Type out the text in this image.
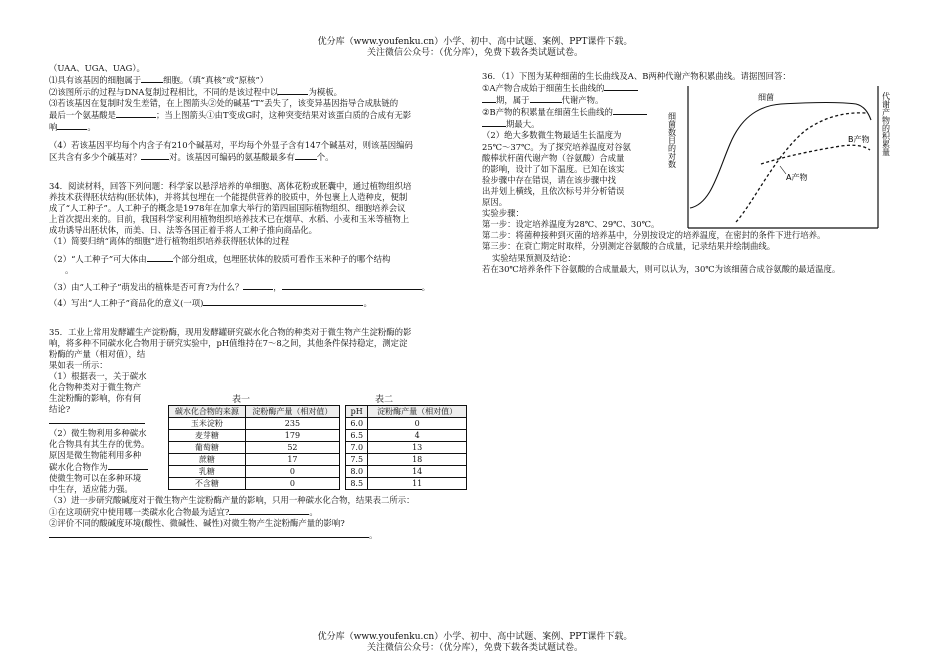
优分库（www.youfenku.cn）小学、初中、高中试题、案例、PPT课件下载。
关注微信公众号：（优分库），免费下载各类试题试卷。

（UAA、UGA、UAG）。

⑴具有该基因的细胞属于	细胞。（填“真核”或“原核”）

⑵该图所示的过程与DNA复制过程相比，不同的是该过程中以	为模板。

⑶若该基因在复制时发生差错，在上图箭头②处的碱基“T”丢失了，该变异基因指导合成肽链的

最后一个氨基酸是	；当上图箭头①由T变成G时，这种突变结果对该蛋白质的合成有无影

响	。

（4）若该基因平均每个内含子有210个碱基对，平均每个外显子含有147个碱基对，则该基因编码

区共含有多少个碱基对？	对。该基因可编码的氨基酸最多有	个。

34．阅读材料，回答下列问题：科学家以悬浮培养的单细胞、离体花粉或胚囊中，通过植物组织培

养技术获得胚状结构(胚状体)，并将其包埋在一个能提供营养的胶质中，外包裹上人造种皮，便制

成了“人工种子”。人工种子的概念是1978年在加拿大举行的第四届国际植物组织、细胞培养会议

上首次提出来的。目前，我国科学家利用植物组织培养技术已在烟草、水稻、小麦和玉米等植物上

成功诱导出胚状体，而美、日、法等各国正着手将人工种子推向商品化。

（1）简要归纳“离体的细胞”进行植物组织培养获得胚状体的过程

（2）“人工种子”可大体由	个部分组成，包埋胚状体的胶质可看作玉米种子的哪个结构

。

（3）由“人工种子”萌发出的植株是否可育?为什么？	，	。

（4）写出“人工种子”商品化的意义(一项)	。

35．工业上常用发酵罐生产淀粉酶，现用发酵罐研究碳水化合物的种类对于微生物产生淀粉酶的影

响，将多种不同碳水化合物用于研究实验中，pH值维持在7～8之间，其他条件保持稳定，测定淀

粉酶的产量（相对值），结

果如表一所示：

（1）根据表一，关于碳水

化合物种类对于微生物产

生淀粉酶的影响，你有何

结论?

（2）微生物利用多种碳水

化合物具有其生存的优势。

原因是微生物能利用多种

碳水化合物作为

使微生物可以在多种环境

中生存，适应能力强。

（3）进一步研究酸碱度对于微生物产生淀粉酶产量的影响，只用一种碳水化合物，结果表二所示：

①在这项研究中使用哪一类碳水化合物最为适宜?	。

②评价不同的酸碱度环境(酸性、微碱性、碱性)对微生物产生淀粉酶产量的影响?

。

表一	表二
碳水化合物的来源	淀粉酶产量（相对值）
玉米淀粉	235
麦芽糖	179
葡萄糖	52
蔗糖	17
乳糖	0
不含糖	0
pH	淀粉酶产量（相对值）
6.0	0
6.5	4
7.0	13
7.5	18
8.0	14
8.5	11

36．（1）下图为某种细菌的生长曲线及A、B两种代谢产物积累曲线。请据图回答：

①A产物合成始于细菌生长曲线的

期，属于	代谢产物。

②B产物的积累量在细菌生长曲线的

期最大。

（2）绝大多数微生物最适生长温度为

25℃～37℃。为了探究培养温度对谷氨

酸棒状杆菌代谢产物（谷氨酸）合成量

的影响，设计了如下温度。已知在该实

验步骤中存在错误，请在该步骤中找

出并划上横线，且依次标号并分析错误

原因。

实验步骤：

第一步：设定培养温度为28℃、29℃、30℃。

第二步：将菌种接种到灭菌的培养基中，分别按设定的培养温度，在密封的条件下进行培养。

第三步：在衰亡期定时取样，分别测定谷氨酸的合成量，记录结果并绘制曲线。

实验结果预测及结论：

若在30℃培养条件下谷氨酸的合成量最大，则可以认为，30℃为该细菌合成谷氨酸的最适温度。

细菌数目的对数	代谢产物的积累量
细菌
A产物
B产物
优分库（www.youfenku.cn）小学、初中、高中试题、案例、PPT课件下载。
关注微信公众号：（优分库），免费下载各类试题试卷。
